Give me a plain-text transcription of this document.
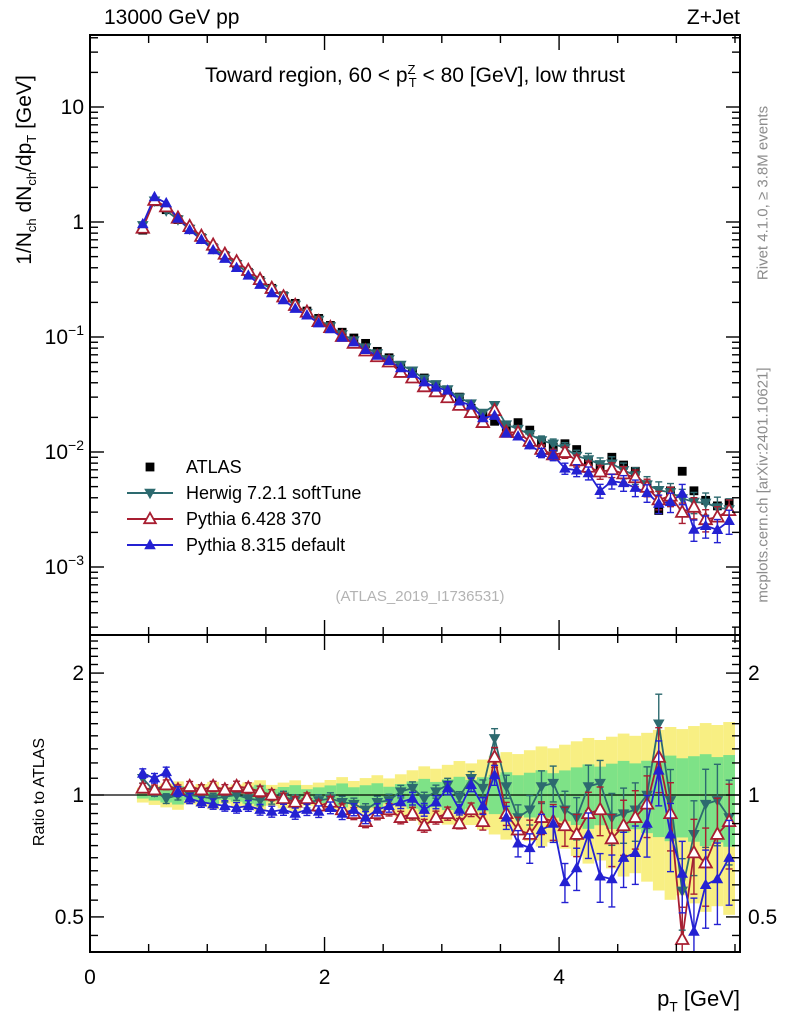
0	2	4
10
1
$10^{-1}$
$10^{-2}$
$10^{-3}$
2	2
1	1
0.5	0.5
13000 GeV pp	Z+Jet
Toward region, $60 < p^Z_T < 80$ [GeV], low thrust
$1/N_{ch}$ $dN_{ch}/dp_T$ [GeV]
Ratio to ATLAS
Rivet 4.1.0, ≥ 3.8M events
mcplots.cern.ch [arXiv:2401.10621]
(ATLAS_2019_I1736531)
$p_T$ [GeV]
ATLAS
Herwig 7.2.1 softTune
Pythia 6.428 370
Pythia 8.315 default
